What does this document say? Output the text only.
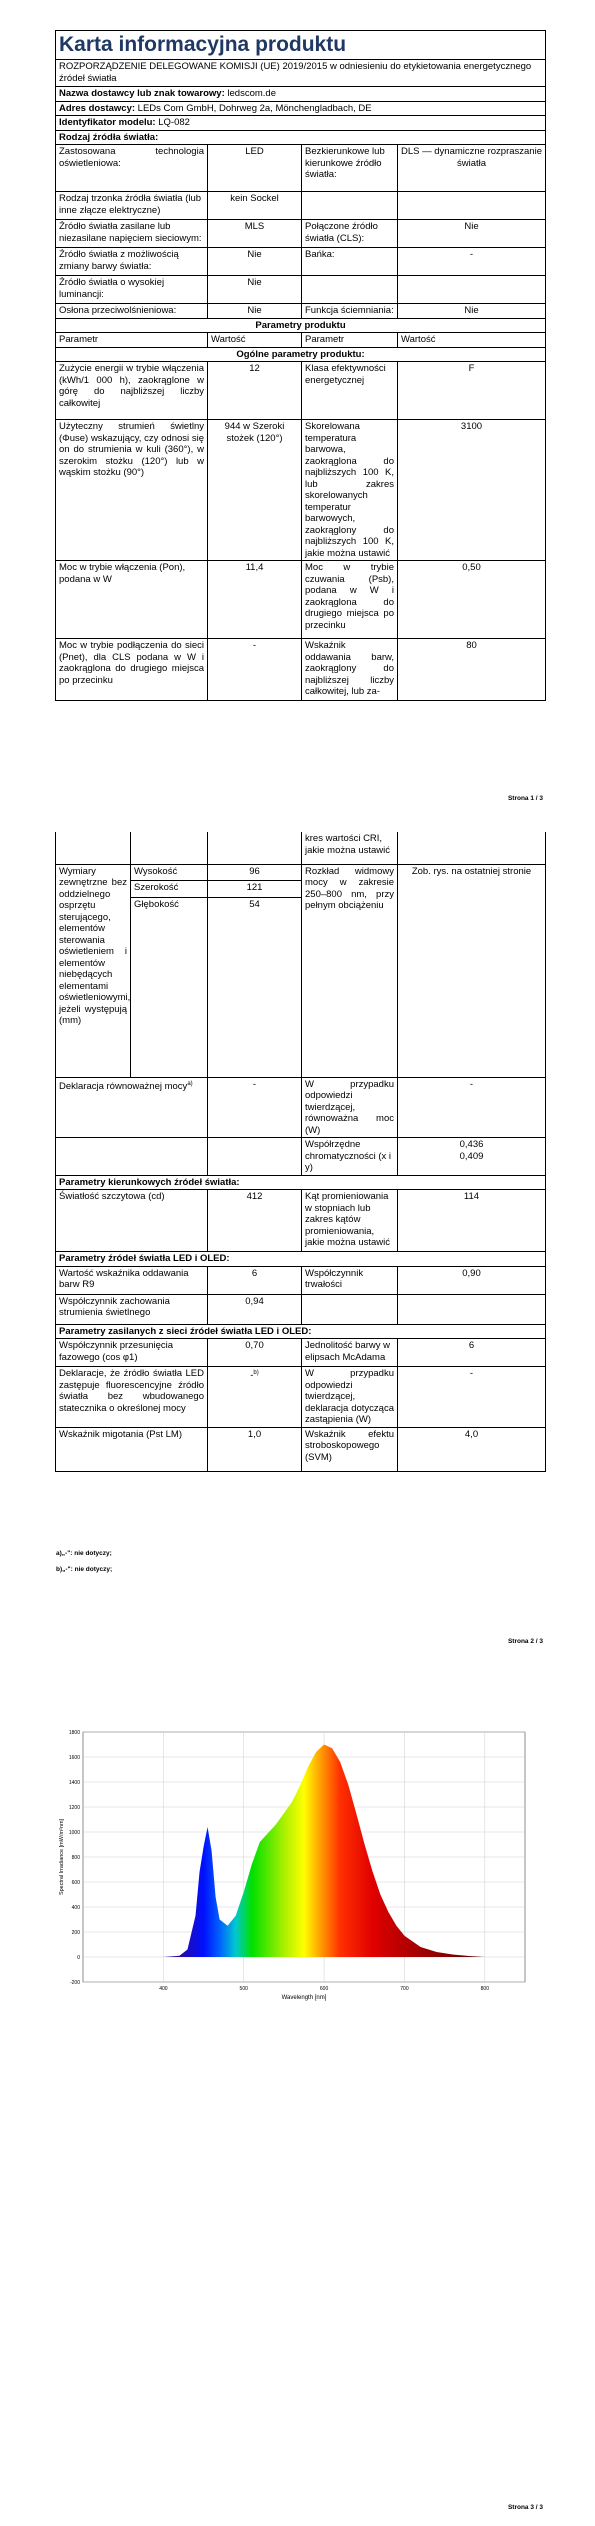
Karta informacyjna produktu			
ROZPORZĄDZENIE DELEGOWANE KOMISJI (UE) 2019/2015 w odniesieniu do etykietowania energetycznego źródeł światła			
Nazwa dostawcy lub znak towarowy: ledscom.de			
Adres dostawcy: LEDs Com GmbH, Dohrweg 2a, Mönchengladbach, DE			
Identyfikator modelu: LQ-082			
Rodzaj źródła światła:			
Zastosowana technologia oświetleniowa:	LED	Bezkierunkowe lub kierunkowe źródło światła:	DLS — dynamiczne rozpraszanie światła
Rodzaj trzonka źródła światła (lub inne złącze elektryczne)	kein Sockel		
Źródło światła zasilane lub niezasilane napięciem sieciowym:	MLS	Połączone źródło światła (CLS):	Nie
Źródło światła z możliwością zmiany barwy światła:	Nie	Bańka:	-
Źródło światła o wysokiej luminancji:	Nie		
Osłona przeciwolśnieniowa:	Nie	Funkcja ściemniania:	Nie
Parametry produktu			
Parametr	Wartość	Parametr	Wartość
Ogólne parametry produktu:			
Zużycie energii w trybie włączenia (kWh/1 000 h), zaokrąglone w górę do najbliższej liczby całkowitej	12	Klasa efektywności energetycznej	F
Użyteczny strumień świetlny (Φuse) wskazujący, czy odnosi się on do strumienia w kuli (360°), w szerokim stożku (120°) lub w wąskim stożku (90°)	944 w Szeroki stożek (120°)	Skorelowana temperatura barwowa, zaokrąglona do najbliższych 100 K, lub zakres skorelowanych temperatur barwowych, zaokrąglony do najbliższych 100 K, jakie można ustawić	3100
Moc w trybie włączenia (Pon), podana w W	11,4	Moc w trybie czuwania (Psb), podana w W i zaokrąglona do drugiego miejsca po przecinku	0,50
Moc w trybie podłączenia do sieci (Pnet), dla CLS podana w W i zaokrąglona do drugiego miejsca po przecinku	-	Wskaźnik oddawania barw, zaokrąglony do najbliższej liczby całkowitej, lub za-	80
Strona 1 / 3
			kres wartości CRI, jakie można ustawić	
Wymiary zewnętrzne bez oddzielnego osprzętu sterującego, elementów sterowania oświetleniem i elementów niebędących elementami oświetleniowymi, jeżeli występują (mm)	Wysokość	96	Rozkład widmowy mocy w zakresie 250–800 nm, przy pełnym obciążeniu	Zob. rys. na ostatniej stronie
	Szerokość	121		
	Głębokość	54		
Deklaracja równoważnej mocy$^{a)}$		-	W przypadku odpowiedzi twierdzącej, równoważna moc (W)	-
			Współrzędne chromatyczności (x i y)	0,436
0,409

Parametry kierunkowych źródeł światła:				
Światłość szczytowa (cd)		412	Kąt promieniowania w stopniach lub zakres kątów promieniowania, jakie można ustawić	114
Parametry źródeł światła LED i OLED:				
Wartość wskaźnika oddawania barw R9		6	Współczynnik trwałości	0,90
Współczynnik zachowania strumienia świetlnego		0,94		
Parametry zasilanych z sieci źródeł światła LED i OLED:				
Współczynnik przesunięcia fazowego (cos φ1)		0,70	Jednolitość barwy w elipsach McAdama	6
Deklaracje, że źródło światła LED zastępuje fluorescencyjne źródło światła bez wbudowanego statecznika o określonej mocy		-$^{b)}$	W przypadku odpowiedzi twierdzącej, deklaracja dotycząca zastąpienia (W)	-
Wskaźnik migotania (Pst LM)		1,0	Wskaźnik efektu stroboskopowego (SVM)	4,0
a)„-": nie dotyczy;
b)„-": nie dotyczy;
Strona 2 / 3
400	500	600	700	800
-200
0
200
400
600
800
1000
1200
1400
1600
1800
Wavelength [nm]
Spectral Irradiance [mW/m²nm]
Strona 3 / 3
